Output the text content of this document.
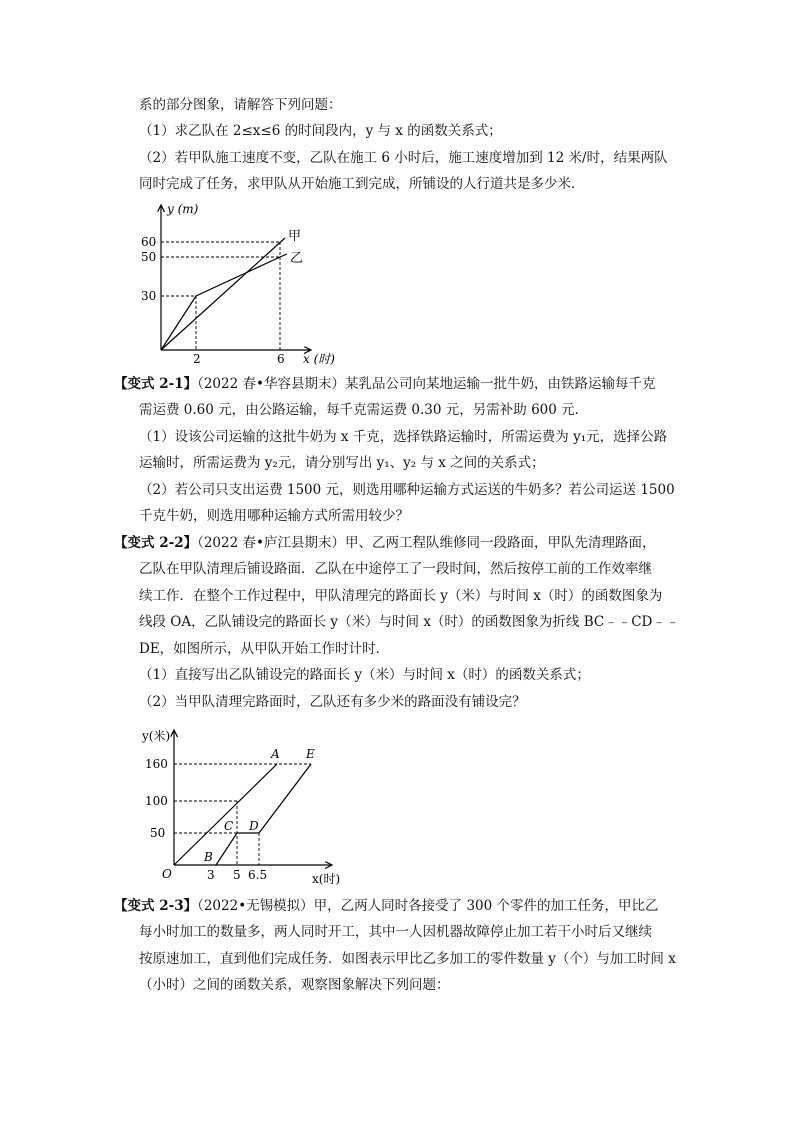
系的部分图象，请解答下列问题：
（1）求乙队在 2≤x≤6 的时间段内，y 与 x 的函数关系式；
（2）若甲队施工速度不变，乙队在施工 6 小时后，施工速度增加到 12 米/时，结果两队
同时完成了任务，求甲队从开始施工到完成，所铺设的人行道共是多少米．
y (m)
60
50
30
2	6 x (时)
甲
乙
【变式 2-1】（2022 春•华容县期末）某乳品公司向某地运输一批牛奶，由铁路运输每千克
需运费 0.60 元，由公路运输，每千克需运费 0.30 元，另需补助 600 元．
（1）设该公司运输的这批牛奶为 x 千克，选择铁路运输时，所需运费为 y₁元，选择公路
运输时，所需运费为 y₂元，请分别写出 y₁、y₂ 与 x 之间的关系式；
（2）若公司只支出运费 1500 元，则选用哪种运输方式运送的牛奶多？若公司运送 1500
千克牛奶，则选用哪种运输方式所需用较少？
【变式 2-2】（2022 春•庐江县期末）甲、乙两工程队维修同一段路面，甲队先清理路面，
乙队在甲队清理后铺设路面．乙队在中途停工了一段时间，然后按停工前的工作效率继
续工作．在整个工作过程中，甲队清理完的路面长 y（米）与时间 x（时）的函数图象为
线段 OA，乙队铺设完的路面长 y（米）与时间 x（时）的函数图象为折线 BC﹣﹣CD﹣﹣
DE，如图所示，从甲队开始工作时计时．
（1）直接写出乙队铺设完的路面长 y（米）与时间 x（时）的函数关系式；
（2）当甲队清理完路面时，乙队还有多少米的路面没有铺设完？
y(米)
160
100
50
O	3 5 6.5	x(时)
A
B
C D
E
【变式 2-3】（2022•无锡模拟）甲，乙两人同时各接受了 300 个零件的加工任务，甲比乙
每小时加工的数量多，两人同时开工，其中一人因机器故障停止加工若干小时后又继续
按原速加工，直到他们完成任务．如图表示甲比乙多加工的零件数量 y（个）与加工时间 x
（小时）之间的函数关系，观察图象解决下列问题：
